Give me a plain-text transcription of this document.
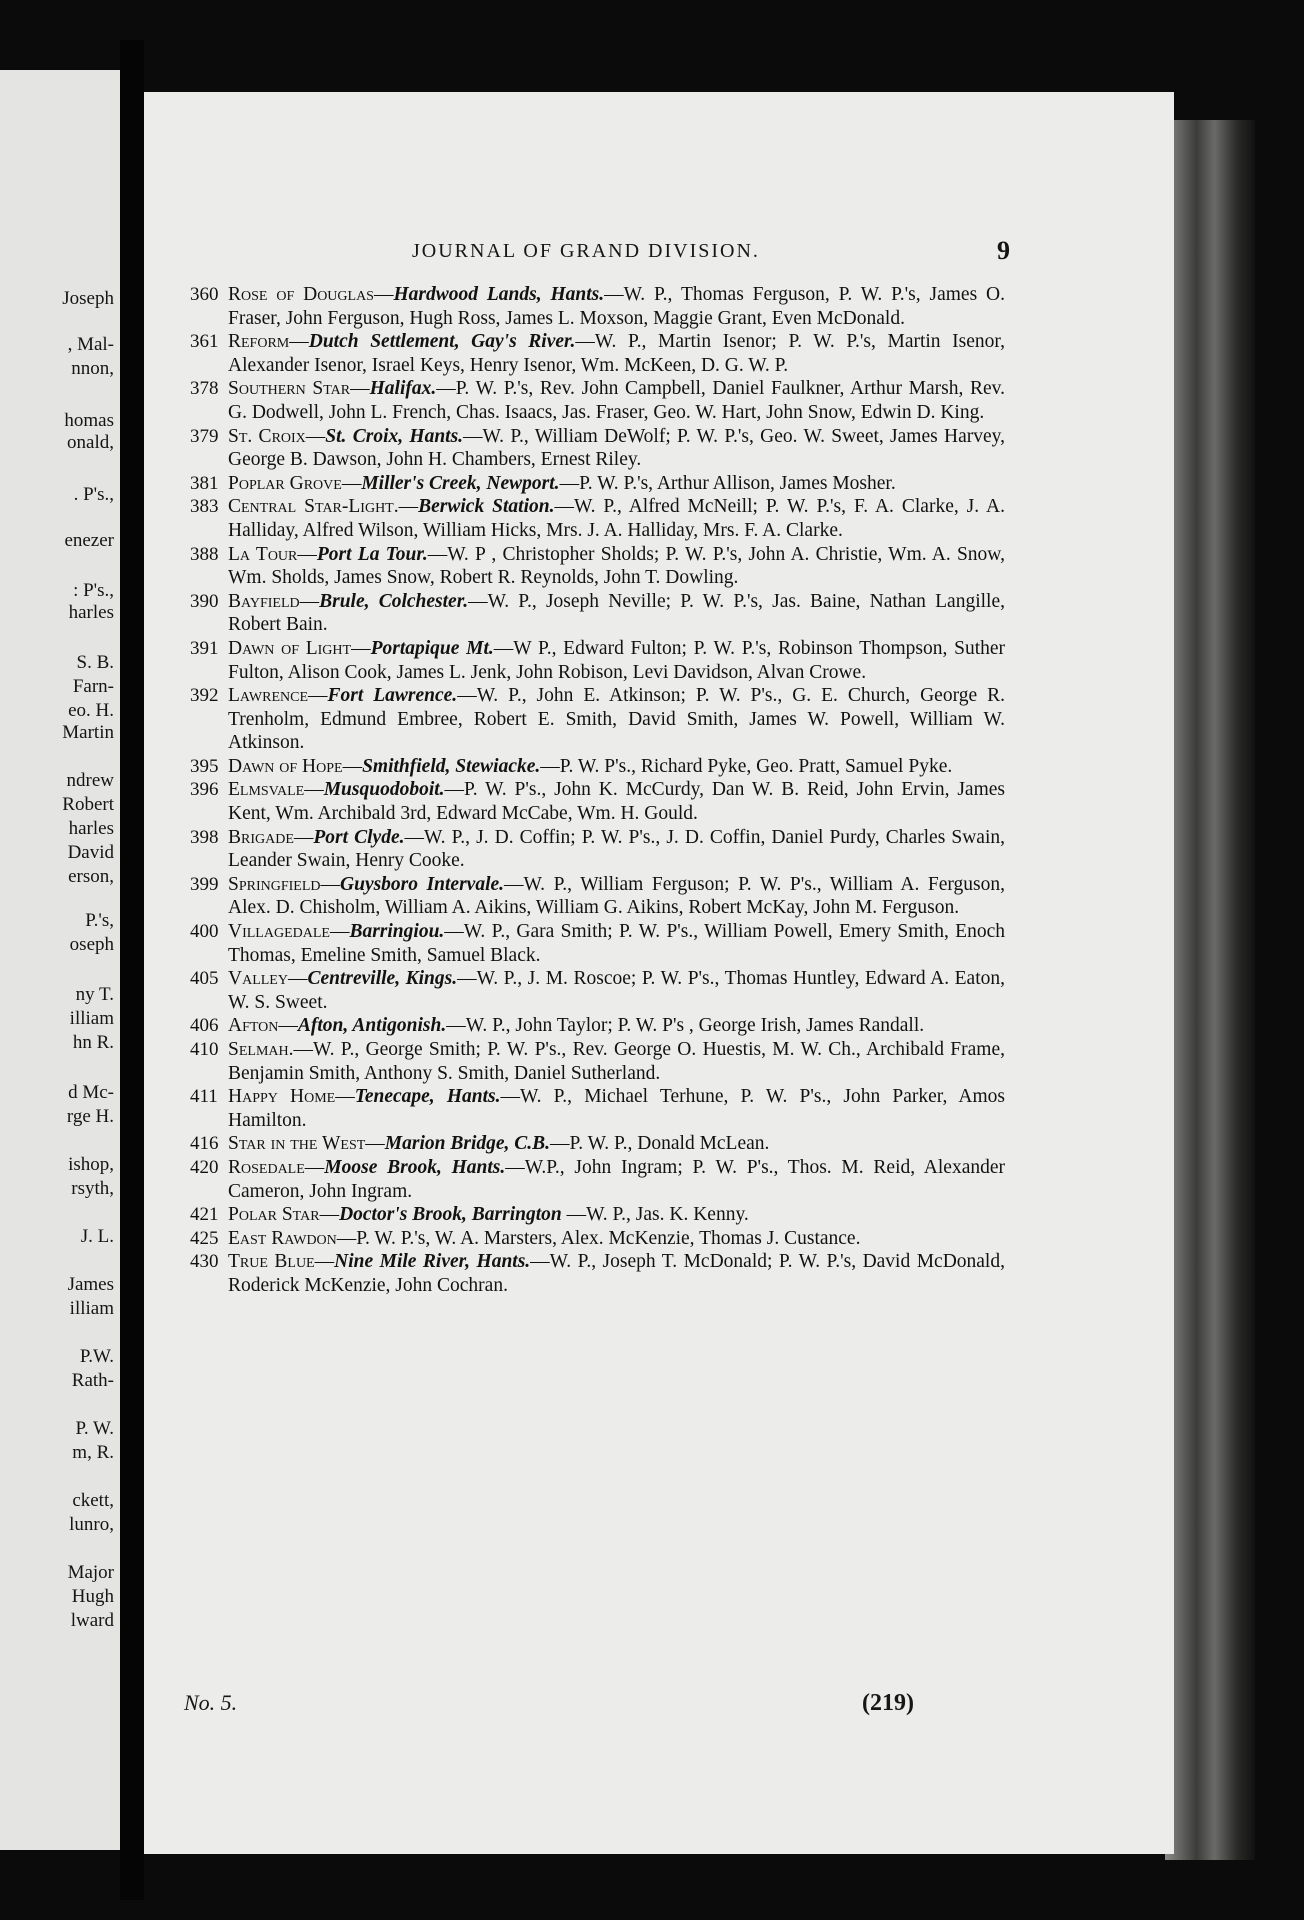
Joseph
, Mal-
nnon,
homas
onald,
. P's.,
enezer
: P's.,
harles
S. B.
Farn-
eo. H.
Martin
ndrew
Robert
harles
David
erson,
P.'s,
oseph
ny T.
illiam
hn R.
d Mc-
rge H.
ishop,
rsyth,
J. L.
James
illiam
P.W.
Rath-
P. W.
m, R.
ckett,
lunro,
Major
Hugh
lward
JOURNAL OF GRAND DIVISION.	9
360 Rose of Douglas—Hardwood Lands, Hants.—W. P., Thomas Ferguson, P. W. P.'s, James O. Fraser, John Ferguson, Hugh Ross, James L. Moxson, Maggie Grant, Even McDonald.
361 Reform—Dutch Settlement, Gay's River.—W. P., Martin Isenor; P. W. P.'s, Martin Isenor, Alexander Isenor, Israel Keys, Henry Isenor, Wm. McKeen, D. G. W. P.
378 Southern Star—Halifax.—P. W. P.'s, Rev. John Campbell, Daniel Faulkner, Arthur Marsh, Rev. G. Dodwell, John L. French, Chas. Isaacs, Jas. Fraser, Geo. W. Hart, John Snow, Edwin D. King.
379 St. Croix—St. Croix, Hants.—W. P., William DeWolf; P. W. P.'s, Geo. W. Sweet, James Harvey, George B. Dawson, John H. Chambers, Ernest Riley.
381 Poplar Grove—Miller's Creek, Newport.—P. W. P.'s, Arthur Allison, James Mosher.
383 Central Star-Light.—Berwick Station.—W. P., Alfred McNeill; P. W. P.'s, F. A. Clarke, J. A. Halliday, Alfred Wilson, William Hicks, Mrs. J. A. Halliday, Mrs. F. A. Clarke.
388 La Tour—Port La Tour.—W. P , Christopher Sholds; P. W. P.'s, John A. Christie, Wm. A. Snow, Wm. Sholds, James Snow, Robert R. Reynolds, John T. Dowling.
390 Bayfield—Brule, Colchester.—W. P., Joseph Neville; P. W. P.'s, Jas. Baine, Nathan Langille, Robert Bain.
391 Dawn of Light—Portapique Mt.—W P., Edward Fulton; P. W. P.'s, Robinson Thompson, Suther Fulton, Alison Cook, James L. Jenk, John Robison, Levi Davidson, Alvan Crowe.
392 Lawrence—Fort Lawrence.—W. P., John E. Atkinson; P. W. P's., G. E. Church, George R. Trenholm, Edmund Embree, Robert E. Smith, David Smith, James W. Powell, William W. Atkinson.
395 Dawn of Hope—Smithfield, Stewiacke.—P. W. P's., Richard Pyke, Geo. Pratt, Samuel Pyke.
396 Elmsvale—Musquodoboit.—P. W. P's., John K. McCurdy, Dan W. B. Reid, John Ervin, James Kent, Wm. Archibald 3rd, Edward McCabe, Wm. H. Gould.
398 Brigade—Port Clyde.—W. P., J. D. Coffin; P. W. P's., J. D. Coffin, Daniel Purdy, Charles Swain, Leander Swain, Henry Cooke.
399 Springfield—Guysboro Intervale.—W. P., William Ferguson; P. W. P's., William A. Ferguson, Alex. D. Chisholm, William A. Aikins, William G. Aikins, Robert McKay, John M. Ferguson.
400 Villagedale—Barringiou.—W. P., Gara Smith; P. W. P's., William Powell, Emery Smith, Enoch Thomas, Emeline Smith, Samuel Black.
405 Valley—Centreville, Kings.—W. P., J. M. Roscoe; P. W. P's., Thomas Huntley, Edward A. Eaton, W. S. Sweet.
406 Afton—Afton, Antigonish.—W. P., John Taylor; P. W. P's , George Irish, James Randall.
410 Selmah.—W. P., George Smith; P. W. P's., Rev. George O. Huestis, M. W. Ch., Archibald Frame, Benjamin Smith, Anthony S. Smith, Daniel Sutherland.
411 Happy Home—Tenecape, Hants.—W. P., Michael Terhune, P. W. P's., John Parker, Amos Hamilton.
416 Star in the West—Marion Bridge, C.B.—P. W. P., Donald McLean.
420 Rosedale—Moose Brook, Hants.—W.P., John Ingram; P. W. P's., Thos. M. Reid, Alexander Cameron, John Ingram.
421 Polar Star—Doctor's Brook, Barrington —W. P., Jas. K. Kenny.
425 East Rawdon—P. W. P.'s, W. A. Marsters, Alex. McKenzie, Thomas J. Custance.
430 True Blue—Nine Mile River, Hants.—W. P., Joseph T. McDonald; P. W. P.'s, David McDonald, Roderick McKenzie, John Cochran.
No. 5.	(219)
